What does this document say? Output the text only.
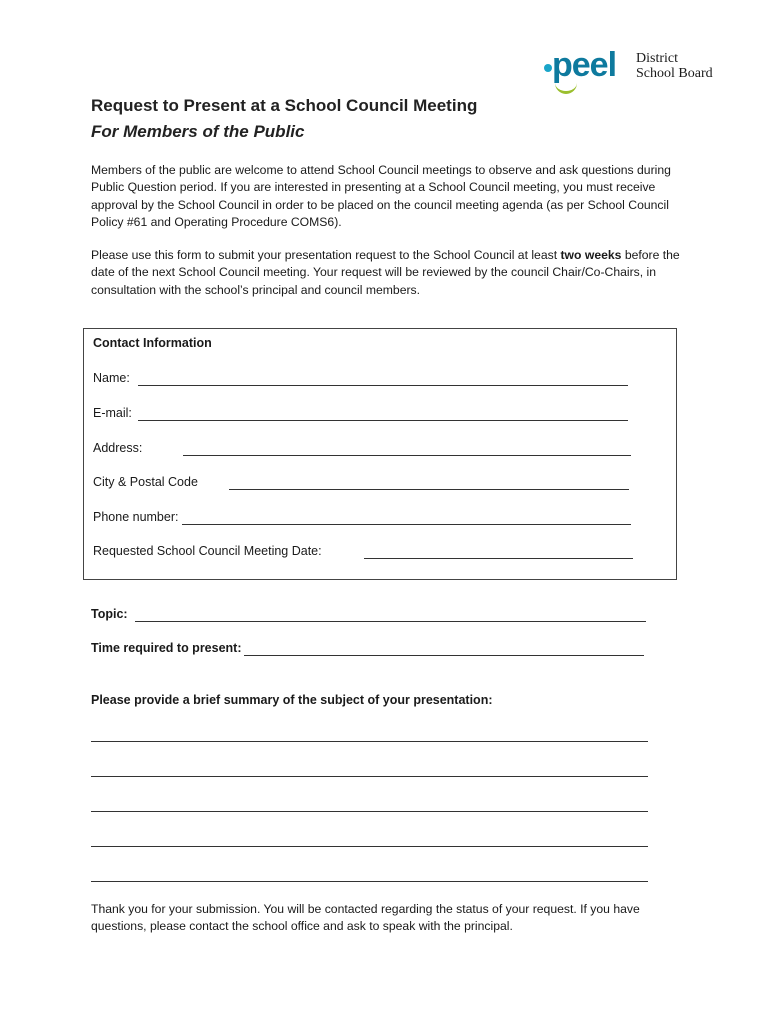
peel District
School Board
Request to Present at a School Council Meeting
For Members of the Public
Members of the public are welcome to attend School Council meetings to observe and ask questions during Public Question period. If you are interested in presenting at a School Council meeting, you must receive approval by the School Council in order to be placed on the council meeting agenda (as per School Council Policy #61 and Operating Procedure COMS6).
Please use this form to submit your presentation request to the School Council at least two weeks before the date of the next School Council meeting. Your request will be reviewed by the council Chair/Co-Chairs, in consultation with the school’s principal and council members.
Contact Information
Name:
E-mail:
Address:
City & Postal Code
Phone number:
Requested School Council Meeting Date:
Topic:
Time required to present:
Please provide a brief summary of the subject of your presentation:
Thank you for your submission. You will be contacted regarding the status of your request. If you have questions, please contact the school office and ask to speak with the principal.
